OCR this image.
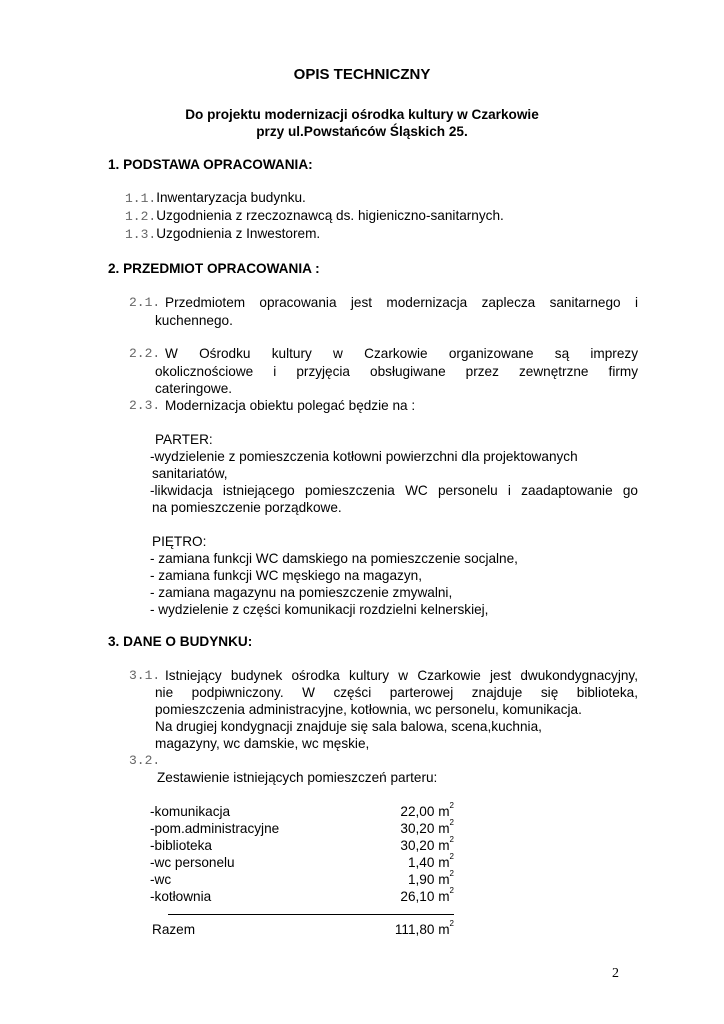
OPIS TECHNICZNY
Do projektu modernizacji ośrodka kultury w Czarkowie
przy ul.Powstańców Śląskich 25.
1. PODSTAWA OPRACOWANIA:
1.1.Inwentaryzacja budynku.
1.2.Uzgodnienia z rzeczoznawcą ds. higieniczno-sanitarnych.
1.3.Uzgodnienia z Inwestorem.
2. PRZEDMIOT OPRACOWANIA :
2.1. Przedmiotem opracowania jest modernizacja zaplecza sanitarnego i
kuchennego.
2.2. W Ośrodku kultury w Czarkowie organizowane są imprezy
okolicznościowe i przyjęcia obsługiwane przez zewnętrzne firmy
cateringowe.
2.3. Modernizacja obiektu polegać będzie na :
PARTER:
-wydzielenie z pomieszczenia kotłowni powierzchni dla projektowanych
sanitariatów,
-likwidacja istniejącego pomieszczenia WC personelu i zaadaptowanie go
na pomieszczenie porządkowe.
PIĘTRO:
- zamiana funkcji WC damskiego na pomieszczenie socjalne,
- zamiana funkcji WC męskiego na magazyn,
- zamiana magazynu na pomieszczenie zmywalni,
- wydzielenie z części komunikacji rozdzielni kelnerskiej,
3. DANE O BUDYNKU:
3.1. Istniejący budynek ośrodka kultury w Czarkowie jest dwukondygnacyjny,
nie podpiwniczony. W części parterowej znajduje się biblioteka,
pomieszczenia administracyjne, kotłownia, wc personelu, komunikacja.
Na drugiej kondygnacji znajduje się sala balowa, scena,kuchnia,
magazyny, wc damskie, wc męskie,
3.2.
Zestawienie istniejących pomieszczeń parteru:
-komunikacja	22,00 $m^2$
-pom.administracyjne	30,20 $m^2$
-biblioteka	30,20 $m^2$
-wc personelu	1,40 $m^2$
-wc	1,90 $m^2$
-kotłownia	26,10 $m^2$
Razem	111,80 $m^2$
2
